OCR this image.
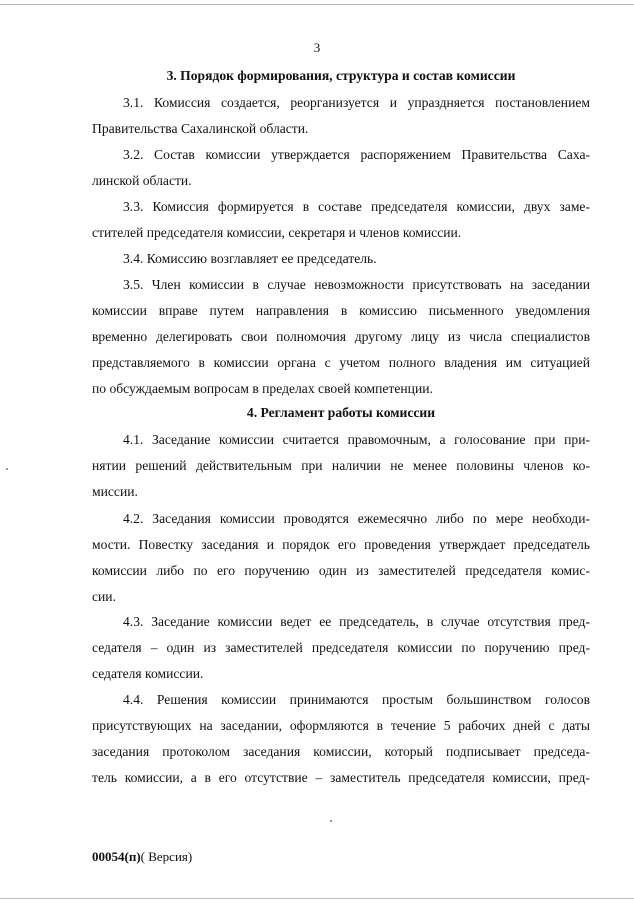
3
3. Порядок формирования, структура и состав комиссии
3.1. Комиссия создается, реорганизуется и упраздняется постановлением
Правительства Сахалинской области.
3.2. Состав комиссии утверждается распоряжением Правительства Саха-
линской области.
3.3. Комиссия формируется в составе председателя комиссии, двух заме-
стителей председателя комиссии, секретаря и членов комиссии.
3.4. Комиссию возглавляет ее председатель.
3.5. Член комиссии в случае невозможности присутствовать на заседании
комиссии вправе путем направления в комиссию письменного уведомления
временно делегировать свои полномочия другому лицу из числа специалистов
представляемого в комиссии органа с учетом полного владения им ситуацией
по обсуждаемым вопросам в пределах своей компетенции.
4. Регламент работы комиссии
4.1. Заседание комиссии считается правомочным, а голосование при при-
нятии решений действительным при наличии не менее половины членов ко-
миссии.
4.2. Заседания комиссии проводятся ежемесячно либо по мере необходи-
мости. Повестку заседания и порядок его проведения утверждает председатель
комиссии либо по его поручению один из заместителей председателя комис-
сии.
4.3. Заседание комиссии ведет ее председатель, в случае отсутствия пред-
седателя – один из заместителей председателя комиссии по поручению пред-
седателя комиссии.
4.4. Решения комиссии принимаются простым большинством голосов
присутствующих на заседании, оформляются в течение 5 рабочих дней с даты
заседания протоколом заседания комиссии, который подписывает председа-
тель комиссии, а в его отсутствие – заместитель председателя комиссии, пред-
00054(п)( Версия)
